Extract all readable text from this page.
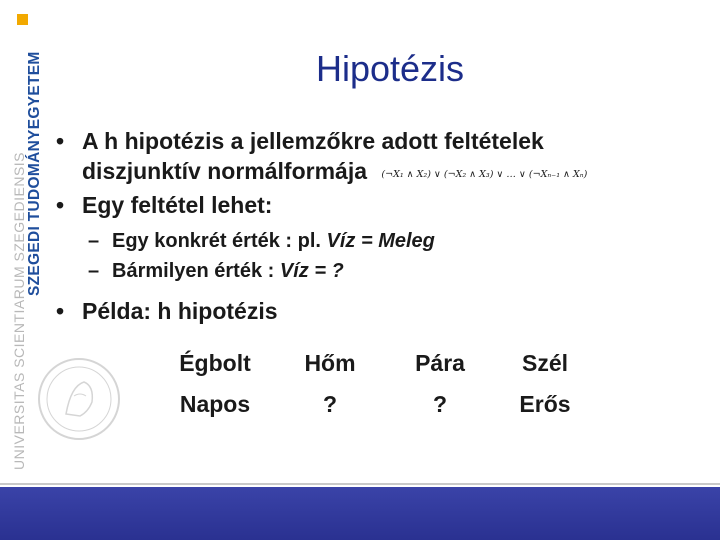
SZEGEDI TUDOMÁNYEGYETEM
UNIVERSITAS SCIENTIARUM SZEGEDIENSIS
Hipotézis
• A h hipotézis a jellemzőkre adott feltételek
diszjunktív normálformája (¬X₁ ∧ X₂) ∨ (¬X₂ ∧ X₃) ∨ … ∨ (¬Xₙ₋₁ ∧ Xₙ)
• Egy feltétel lehet:
– Egy konkrét érték : pl. Víz = Meleg
– Bármilyen érték : Víz = ?
• Példa: h hipotézis
Égbolt	Hőm	Pára	Szél
Napos	?	?	Erős
